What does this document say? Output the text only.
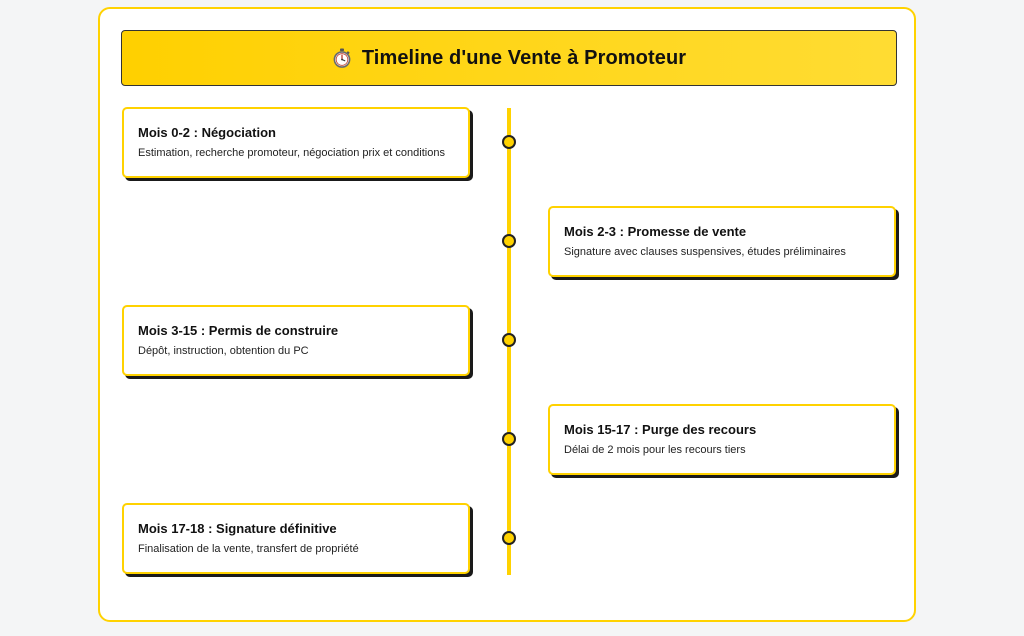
Timeline d'une Vente à Promoteur
Mois 0-2 : Négociation
Estimation, recherche promoteur, négociation prix et conditions
Mois 2-3 : Promesse de vente
Signature avec clauses suspensives, études préliminaires
Mois 3-15 : Permis de construire
Dépôt, instruction, obtention du PC
Mois 15-17 : Purge des recours
Délai de 2 mois pour les recours tiers
Mois 17-18 : Signature définitive
Finalisation de la vente, transfert de propriété
